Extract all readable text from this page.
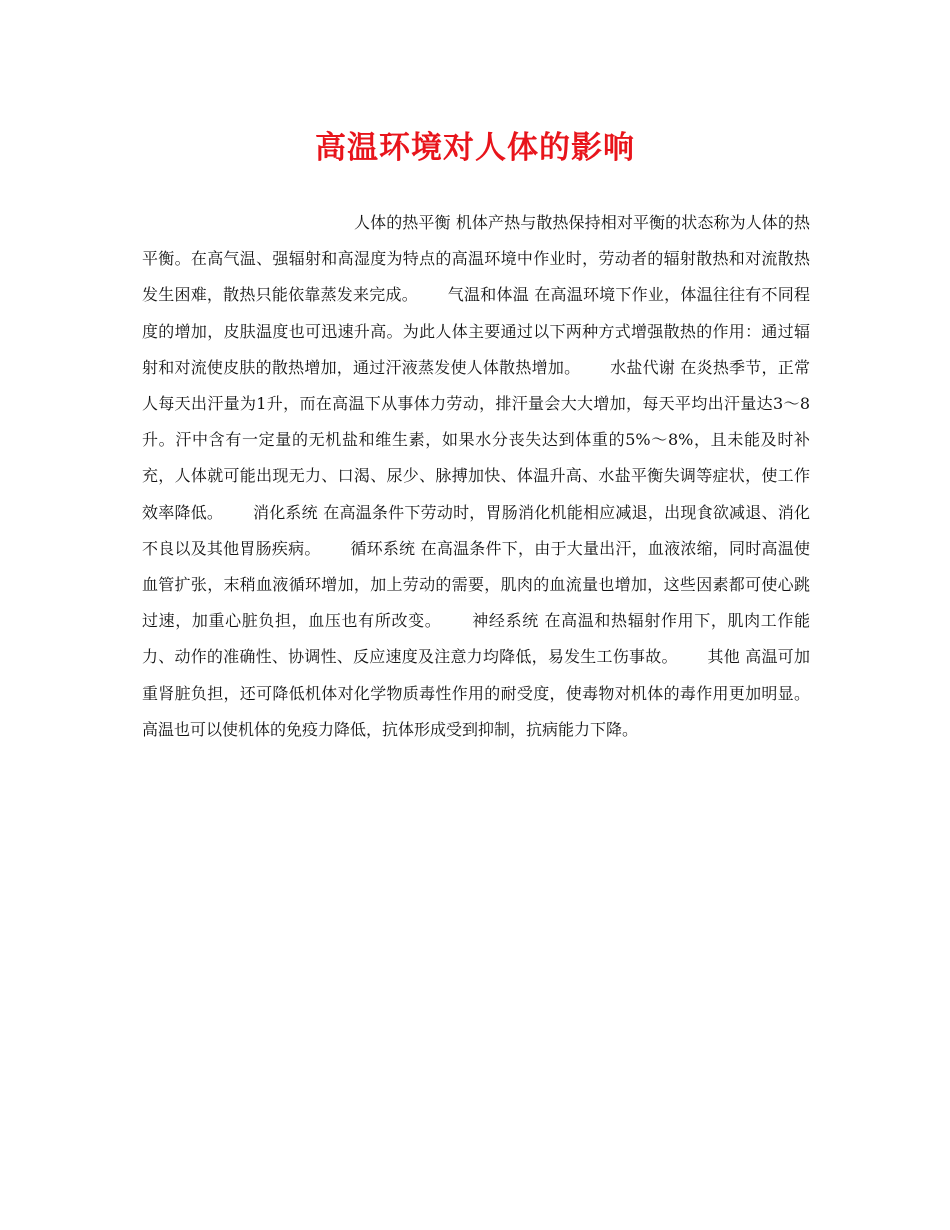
高温环境对人体的影响

人体的热平衡 机体产热与散热保持相对平衡的状态称为人体的热平衡。在高气温、强辐射和高湿度为特点的高温环境中作业时，劳动者的辐射散热和对流散热发生困难，散热只能依靠蒸发来完成。　　 气温和体温 在高温环境下作业，体温往往有不同程度的增加，皮肤温度也可迅速升高。为此人体主要通过以下两种方式增强散热的作用：通过辐射和对流使皮肤的散热增加，通过汗液蒸发使人体散热增加。　　 水盐代谢 在炎热季节，正常人每天出汗量为1升，而在高温下从事体力劳动，排汗量会大大增加，每天平均出汗量达3～8升。汗中含有一定量的无机盐和维生素，如果水分丧失达到体重的5%～8%，且未能及时补充，人体就可能出现无力、口渴、尿少、脉搏加快、体温升高、水盐平衡失调等症状，使工作效率降低。　　 消化系统 在高温条件下劳动时，胃肠消化机能相应减退，出现食欲减退、消化不良以及其他胃肠疾病。　　 循环系统 在高温条件下，由于大量出汗，血液浓缩，同时高温使血管扩张，末稍血液循环增加，加上劳动的需要，肌肉的血流量也增加，这些因素都可使心跳过速，加重心脏负担，血压也有所改变。　　 神经系统 在高温和热辐射作用下，肌肉工作能力、动作的准确性、协调性、反应速度及注意力均降低，易发生工伤事故。　　 其他 高温可加重肾脏负担，还可降低机体对化学物质毒性作用的耐受度，使毒物对机体的毒作用更加明显。高温也可以使机体的免疫力降低，抗体形成受到抑制，抗病能力下降。
